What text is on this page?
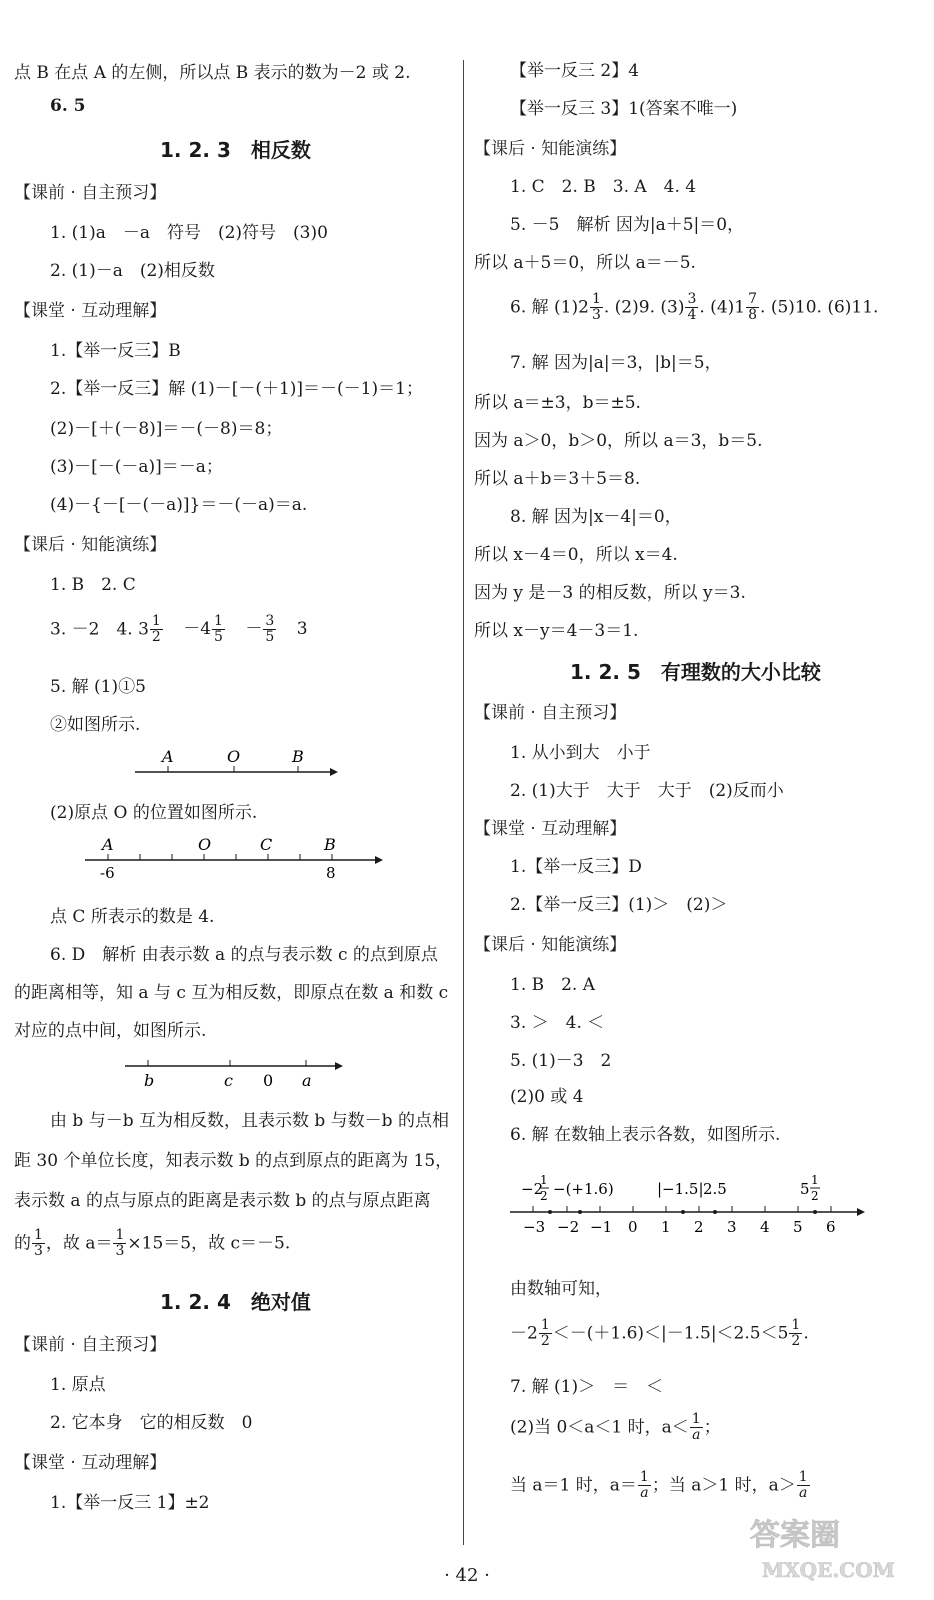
点 B 在点 A 的左侧，所以点 B 表示的数为－2 或 2.
6. 5
1. 2. 3　相反数
【课前 · 自主预习】
1. (1)a　－a　符号　(2)符号　(3)0
2. (1)－a　(2)相反数
【课堂 · 互动理解】
1.【举一反三】B
2.【举一反三】解 (1)－[－(＋1)]＝－(－1)＝1；
(2)－[＋(－8)]＝－(－8)＝8；
(3)－[－(－a)]＝－a；
(4)－{－[－(－a)]}＝－(－a)＝a.
【课后 · 知能演练】
1. B　2. C
3. －2　4. $3 \frac{1}{2} -4 \frac{1}{5} - \frac{3}{5} 3$
5. 解 (1)①5
②如图所示.
A	O	B
(2)原点 O 的位置如图所示.
A	O	C	B
-6	8
点 C 所表示的数是 4.
6. D　解析 由表示数 a 的点与表示数 c 的点到原点
的距离相等，知 a 与 c 互为相反数，即原点在数 a 和数 c
对应的点中间，如图所示.
b	c 0 a
由 b 与－b 互为相反数，且表示数 b 与数－b 的点相
距 30 个单位长度，知表示数 b 的点到原点的距离为 15，
表示数 a 的点与原点的距离是表示数 b 的点与原点距离
的 $\frac{1}{3}$ ，故 $a= \frac{1}{3} \times 15=5$，故 c＝－5.
1. 2. 4　绝对值
【课前 · 自主预习】
1. 原点
2. 它本身　它的相反数　0
【课堂 · 互动理解】
1.【举一反三 1】±2
【举一反三 2】4
【举一反三 3】1(答案不唯一)
【课后 · 知能演练】
1. C　2. B　3. A　4. 4
5. －5　解析 因为|a＋5|＝0，
所以 a＋5＝0，所以 a＝－5.
6. 解 $(1)2 \frac{1}{3}$ . (2)9. $(3) \frac{3}{4}$ . $(4)1 \frac{7}{8}$ . (5)10. (6)11.
7. 解 因为|a|＝3，|b|＝5，
所以 a＝±3，b＝±5.
因为 a＞0，b＞0，所以 a＝3，b＝5.
所以 a＋b＝3＋5＝8.
8. 解 因为|x－4|＝0，
所以 x－4＝0，所以 x＝4.
因为 y 是－3 的相反数，所以 y＝3.
所以 x－y＝4－3＝1.
1. 2. 5　有理数的大小比较
【课前 · 自主预习】
1. 从小到大　小于
2. (1)大于　大于　大于　(2)反而小
【课堂 · 互动理解】
1.【举一反三】D
2.【举一反三】(1)＞　(2)＞
【课后 · 知能演练】
1. B　2. A
3. ＞　4. ＜
5. (1)－3　2
(2)0 或 4
6. 解 在数轴上表示各数，如图所示.
−2
1
2 −(+1.6)	|−1.5| 2.5	5 1
2
−3 −2 −1 0 1 2 3 4 5 6
由数轴可知，
$-2 \frac{1}{2} <-(+1.6)<|-1.5|<2.5<5 \frac{1}{2}$ .
7. 解 (1)＞　＝　＜
(2)当 0＜a＜1 时，$a< \frac{1}{a}$ ；
当 a＝1 时，$a= \frac{1}{a}$ ；当 a＞1 时，$a> \frac{1}{a}$
答案圈
MXQE.COM
· 42 ·
